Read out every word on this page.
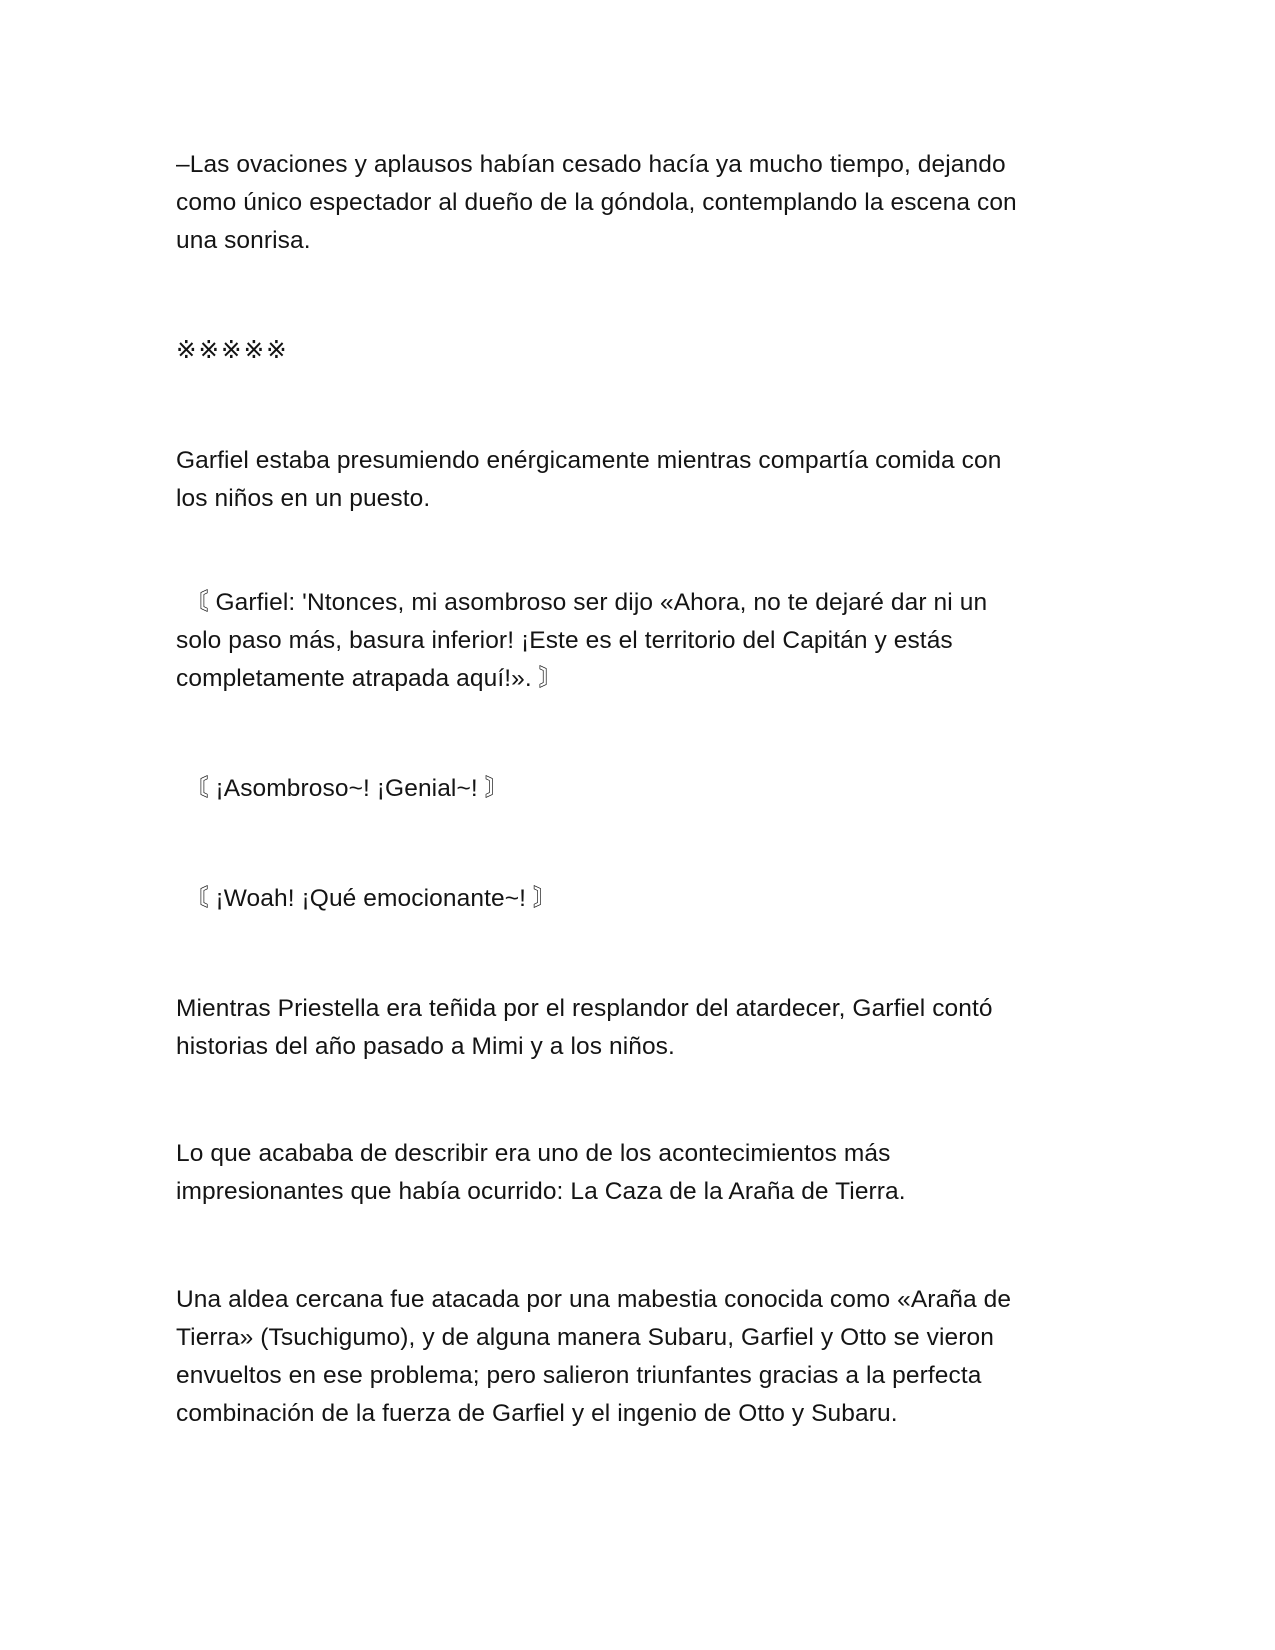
–Las ovaciones y aplausos habían cesado hacía ya mucho tiempo, dejando
como único espectador al dueño de la góndola, contemplando la escena con
una sonrisa.

※※※※※

Garfiel estaba presumiendo enérgicamente mientras compartía comida con
los niños en un puesto.

〘 Garfiel: 'Ntonces, mi asombroso ser dijo «Ahora, no te dejaré dar ni un
solo paso más, basura inferior! ¡Este es el territorio del Capitán y estás
completamente atrapada aquí!». 〙

〘 ¡Asombroso~! ¡Genial~! 〙

〘 ¡Woah! ¡Qué emocionante~! 〙

Mientras Priestella era teñida por el resplandor del atardecer, Garfiel contó
historias del año pasado a Mimi y a los niños.

Lo que acababa de describir era uno de los acontecimientos más
impresionantes que había ocurrido: La Caza de la Araña de Tierra.

Una aldea cercana fue atacada por una mabestia conocida como «Araña de
Tierra» (Tsuchigumo), y de alguna manera Subaru, Garfiel y Otto se vieron
envueltos en ese problema; pero salieron triunfantes gracias a la perfecta
combinación de la fuerza de Garfiel y el ingenio de Otto y Subaru.
